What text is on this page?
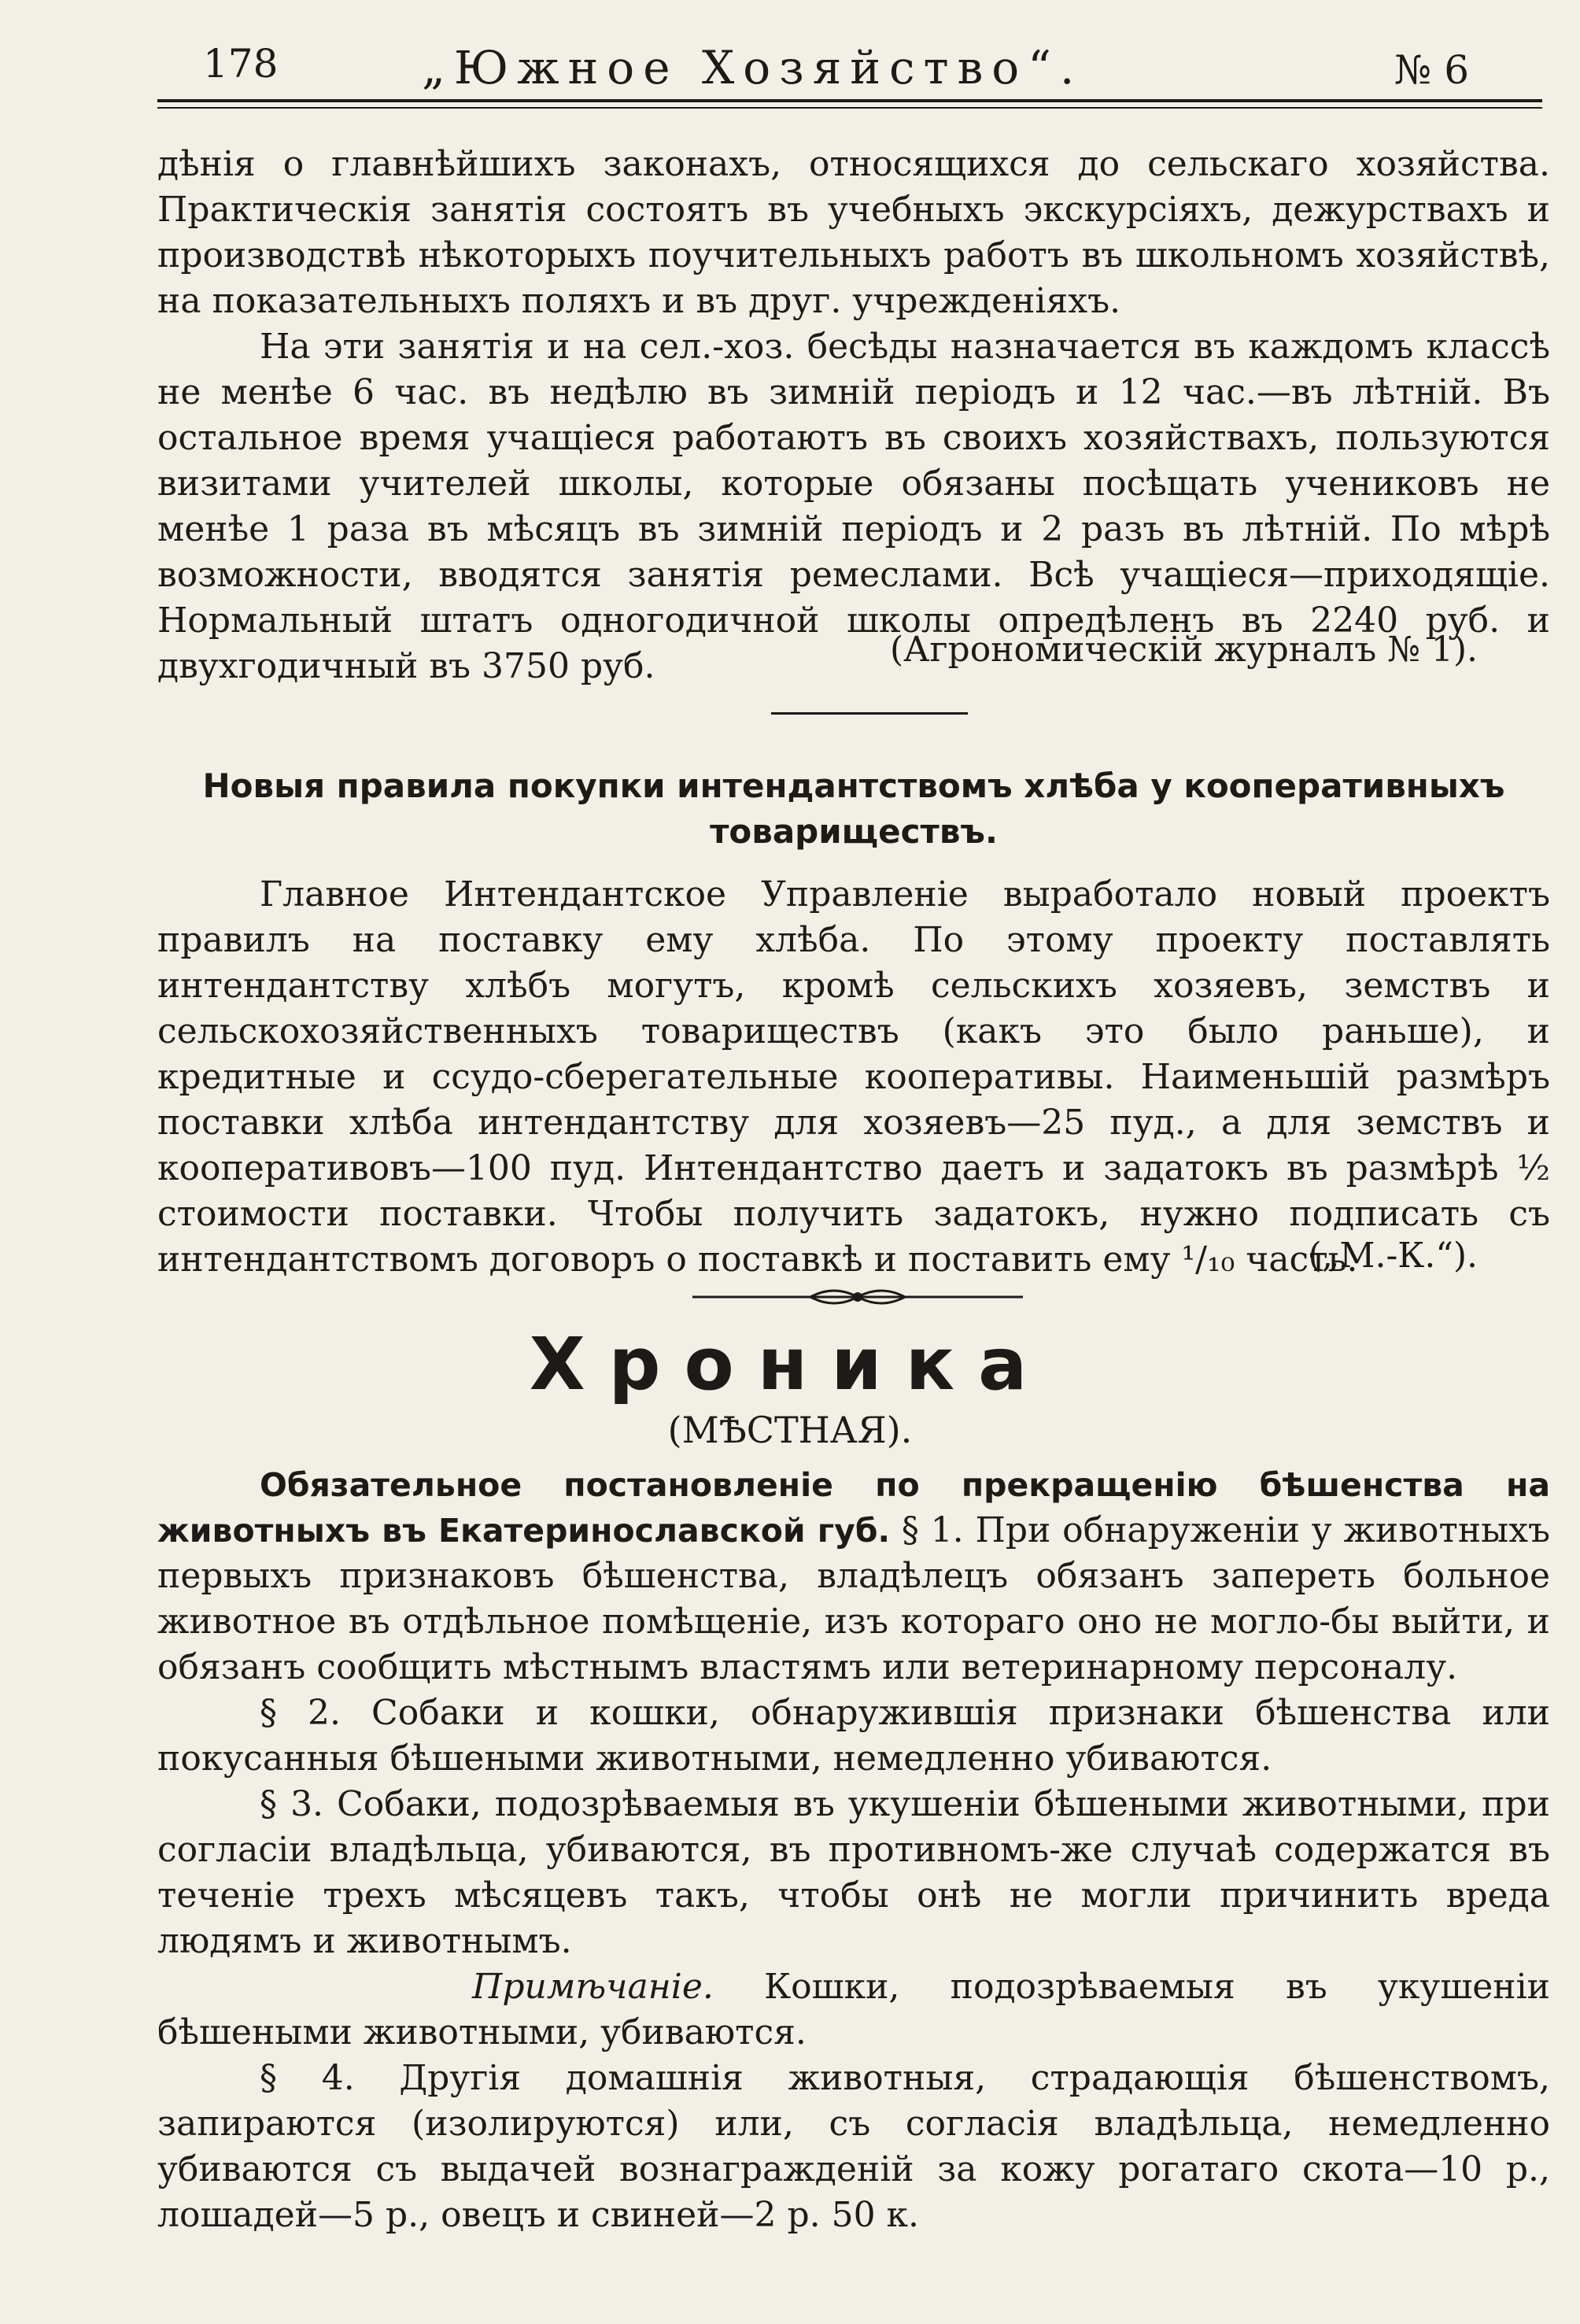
178	„Южное Хозяйство“.	№ 6

дѣнія о главнѣйшихъ законахъ, относящихся до сельскаго хозяйства. Практическія занятія состоятъ въ учебныхъ экскурсіяхъ, дежурствахъ и производствѣ нѣкоторыхъ поучительныхъ работъ въ школьномъ хозяйствѣ, на показательныхъ поляхъ и въ друг. учрежденіяхъ.

На эти занятія и на сел.-хоз. бесѣды назначается въ каждомъ классѣ не менѣе 6 час. въ недѣлю въ зимній періодъ и 12 час.—въ лѣтній. Въ остальное время учащіеся работаютъ въ своихъ хозяйствахъ, пользуются визитами учителей школы, которые обязаны посѣщать учениковъ не менѣе 1 раза въ мѣсяцъ въ зимній періодъ и 2 разъ въ лѣтній. По мѣрѣ возможности, вводятся занятія ремеслами. Всѣ учащіеся—приходящіе. Нормальный штатъ одногодичной школы опредѣленъ въ 2240 руб. и двухгодичный въ 3750 руб.	(Агрономическій журналъ № 1).
Новыя правила покупки интендантствомъ хлѣба у кооперативныхъ товариществъ.

Главное Интендантское Управленіе выработало новый проектъ правилъ на поставку ему хлѣба. По этому проекту поставлять интендантству хлѣбъ могутъ, кромѣ сельскихъ хозяевъ, земствъ и сельскохозяйственныхъ товариществъ (какъ это было раньше), и кредитные и ссудо-сберегательные кооперативы. Наименьшій размѣръ поставки хлѣба интендантству для хозяевъ—25 пуд., а для земствъ и кооперативовъ—100 пуд. Интендантство даетъ и задатокъ въ размѣрѣ ½ стоимости поставки. Чтобы получить задатокъ, нужно подписать съ интендантствомъ договоръ о поставкѣ и поставить ему ¹/₁₀ часть.

(„М.-К.“).
Хроника
(МѢСТНАЯ).

Обязательное постановленіе по прекращенію бѣшенства на животныхъ въ Екатеринославской губ. § 1. При обнаруженіи у животныхъ первыхъ признаковъ бѣшенства, владѣлецъ обязанъ запереть больное животное въ отдѣльное помѣщеніе, изъ котораго оно не могло-бы выйти, и обязанъ сообщить мѣстнымъ властямъ или ветеринарному персоналу.

§ 2. Собаки и кошки, обнаружившія признаки бѣшенства или покусанныя бѣшеными животными, немедленно убиваются.

§ 3. Собаки, подозрѣваемыя въ укушеніи бѣшеными животными, при согласіи владѣльца, убиваются, въ противномъ-же случаѣ содержатся въ теченіе трехъ мѣсяцевъ такъ, чтобы онѣ не могли причинить вреда людямъ и животнымъ.

Примѣчаніе. Кошки, подозрѣваемыя въ укушеніи бѣшеными животными, убиваются.

§ 4. Другія домашнія животныя, страдающія бѣшенствомъ, запираются (изолируются) или, съ согласія владѣльца, немедленно убиваются съ выдачей вознагражденій за кожу рогатаго скота—10 р., лошадей—5 р., овецъ и свиней—2 р. 50 к.
